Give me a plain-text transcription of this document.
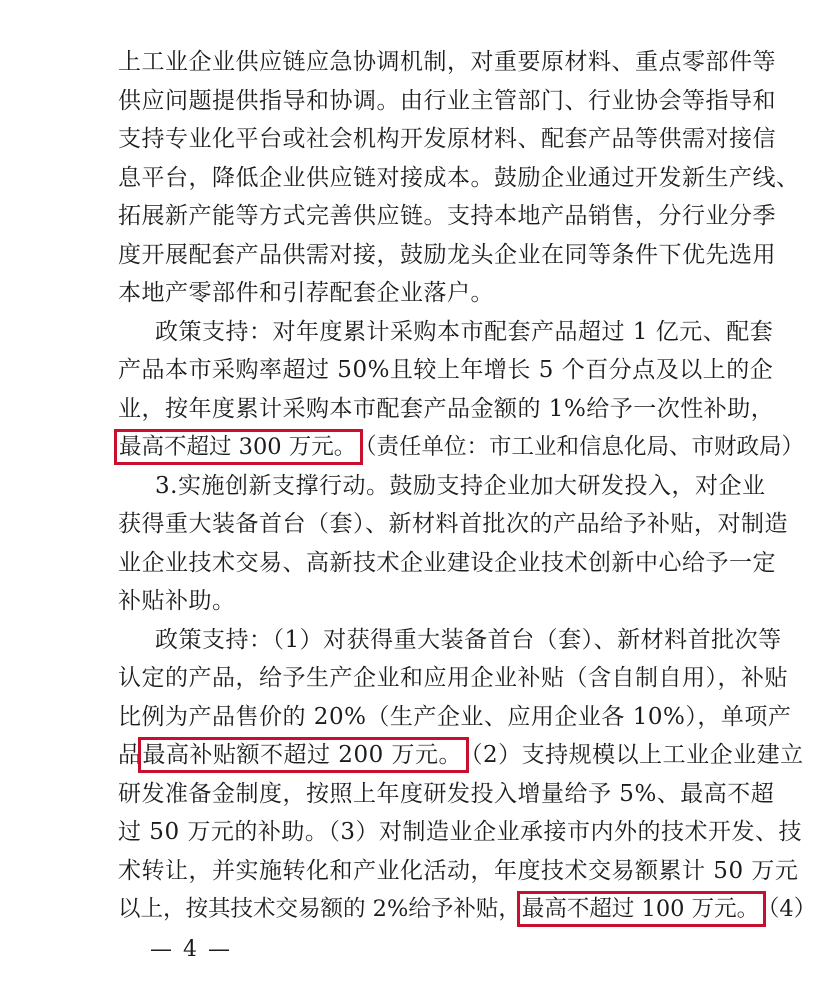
上工业企业供应链应急协调机制，对重要原材料、重点零部件等
供应问题提供指导和协调。由行业主管部门、行业协会等指导和
支持专业化平台或社会机构开发原材料、配套产品等供需对接信
息平台，降低企业供应链对接成本。鼓励企业通过开发新生产线、
拓展新产能等方式完善供应链。支持本地产品销售，分行业分季
度开展配套产品供需对接，鼓励龙头企业在同等条件下优先选用
本地产零部件和引荐配套企业落户。
政策支持：对年度累计采购本市配套产品超过 1 亿元、配套
产品本市采购率超过 50%且较上年增长 5 个百分点及以上的企
业，按年度累计采购本市配套产品金额的 1%给予一次性补助，
最高不超过 300 万元。 （责任单位：市工业和信息化局、市财政局）
3.实施创新支撑行动。鼓励支持企业加大研发投入，对企业
获得重大装备首台（套）、新材料首批次的产品给予补贴，对制造
业企业技术交易、高新技术企业建设企业技术创新中心给予一定
补贴补助。
政策支持：（1）对获得重大装备首台（套）、新材料首批次等
认定的产品，给予生产企业和应用企业补贴（含自制自用），补贴
比例为产品售价的 20%（生产企业、应用企业各 10%），单项产
品最高补贴额不超过 200 万元。 （2）支持规模以上工业企业建立
研发准备金制度，按照上年度研发投入增量给予 5%、最高不超
过 50 万元的补助。（3）对制造业企业承接市内外的技术开发、技
术转让，并实施转化和产业化活动，年度技术交易额累计 50 万元
以上，按其技术交易额的 2%给予补贴，最高不超过 100 万元。 （4）
— 4 —
